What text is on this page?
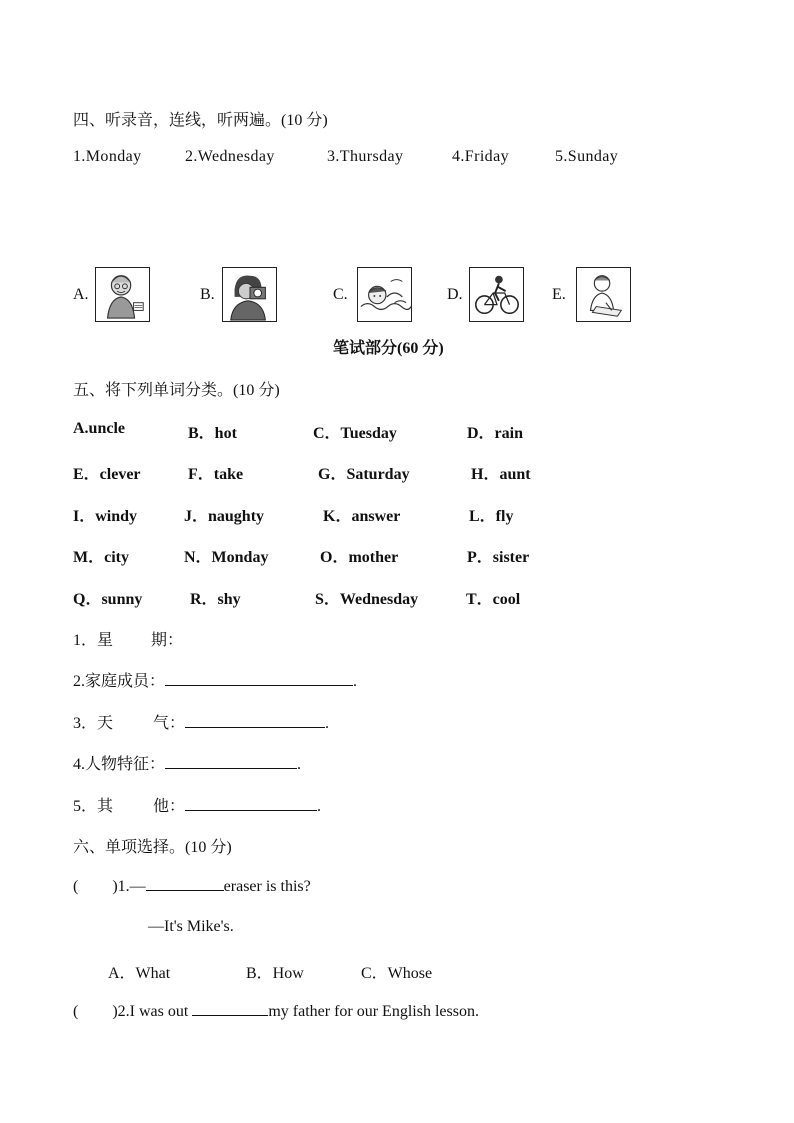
四、听录音，连线，听两遍。(10 分)
1.Monday	2.Wednesday	3.Thursday	4.Friday	5.Sunday
A.	B.	C.	D.	E.
笔试部分(60 分)
五、将下列单词分类。(10 分)
A.uncle	B．hot	C．Tuesday	D．rain
E．clever	F．take	G．Saturday	H．aunt
I．windy	J．naughty	K．answer	L．fly
M．city	N．Monday	O．mother	P．sister
Q．sunny	R．shy	S．Wednesday	T．cool
1．星 期：
2.家庭成员：	.
3．天	气：	.
4.人物特征：	.
5．其	他：	.
六、单项选择。(10 分)
( )1.—	eraser is this?
—It's Mike's.
A．What	B．How	C．Whose
( )2.I was out	my father for our English lesson.
